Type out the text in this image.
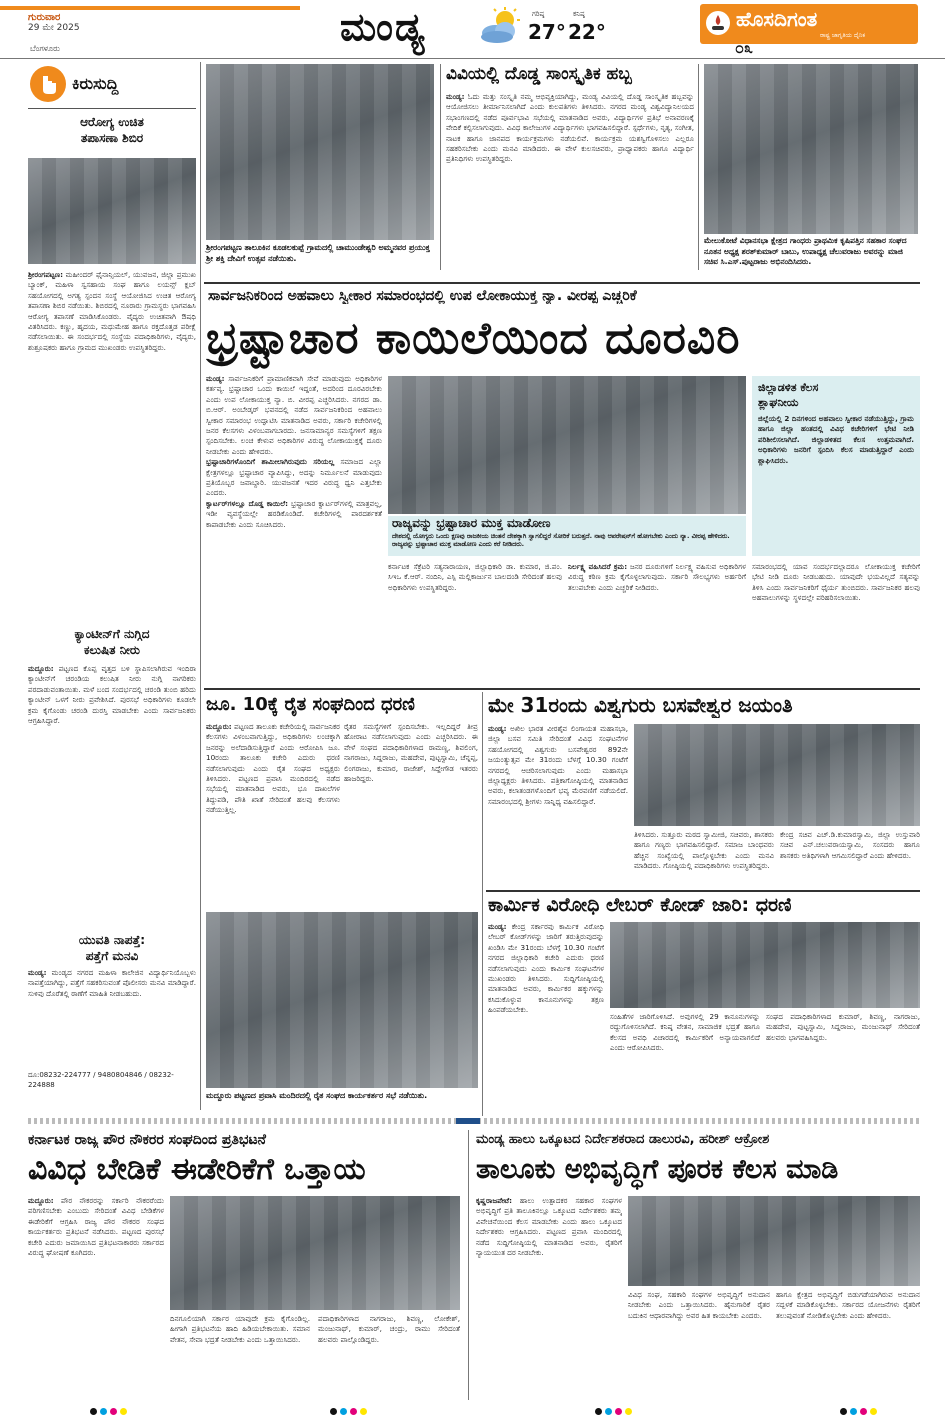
ಗುರುವಾರ
29 ಮೇ 2025
ಬೆಂಗಳೂರು	ಮಂಡ್ಯ	ಗರಿಷ್ಠ
27°
ಕನಿಷ್ಠ
22°
ಹೊಸದಿಗಂತ
ರಾಷ್ಟ್ರ ಜಾಗೃತಿಯ ದೈನಿಕ
೦೩
ಕಿರುಸುದ್ದಿ
ಆರೋಗ್ಯ ಉಚಿತ
ತಪಾಸಣಾ ಶಿಬಿರ
ಶ್ರೀರಂಗಪಟ್ಟಣ: ಮಹೀಂದರ್ ಫೈನಾನ್ಸಿಯಲ್, ಯುವಜನ, ಜಿಲ್ಲಾ ಪ್ರಮುಖ ಬ್ಯಾಂಕ್, ಮಹಿಳಾ ಸ್ವಸಹಾಯ ಸಂಘ ಹಾಗೂ ಲಯನ್ಸ್ ಕ್ಲಬ್ ಸಹಯೋಗದಲ್ಲಿ ಅಗತ್ಯ ಸ್ಪಂದನ ಸಂಸ್ಥೆ ಆಯೋಜಿಸಿದ ಉಚಿತ ಆರೋಗ್ಯ ತಪಾಸಣಾ ಶಿಬಿರ ನಡೆಯಿತು. ಶಿಬಿರದಲ್ಲಿ ನೂರಾರು ಗ್ರಾಮಸ್ಥರು ಭಾಗವಹಿಸಿ ಆರೋಗ್ಯ ತಪಾಸಣೆ ಮಾಡಿಸಿಕೊಂಡರು. ವೈದ್ಯರು ಉಚಿತವಾಗಿ ಔಷಧಿ ವಿತರಿಸಿದರು. ಕಣ್ಣು, ಹೃದಯ, ಮಧುಮೇಹ ಹಾಗೂ ರಕ್ತದೊತ್ತಡ ಪರೀಕ್ಷೆ ನಡೆಸಲಾಯಿತು. ಈ ಸಂದರ್ಭದಲ್ಲಿ ಸಂಸ್ಥೆಯ ಪದಾಧಿಕಾರಿಗಳು, ವೈದ್ಯರು, ಶುಶ್ರೂಷಕರು ಹಾಗೂ ಗ್ರಾಮದ ಮುಖಂಡರು ಉಪಸ್ಥಿತರಿದ್ದರು.
ಕ್ಯಾಂಟೀನ್‌ಗೆ ನುಗ್ಗಿದ
ಕಲುಷಿತ ನೀರು
ಮದ್ದೂರು: ಪಟ್ಟಣದ ಕೊಪ್ಪ ವೃತ್ತದ ಬಳಿ ಸ್ಥಾಪಿಸಲಾಗಿರುವ ಇಂದಿರಾ ಕ್ಯಾಂಟೀನ್‌ಗೆ ಚರಂಡಿಯ ಕಲುಷಿತ ನೀರು ನುಗ್ಗಿ ನಾಗರಿಕರು ಪರದಾಡುವಂತಾಯಿತು. ಮಳೆ ಬಂದ ಸಂದರ್ಭದಲ್ಲಿ ಚರಂಡಿ ತುಂಬಿ ಹರಿದು ಕ್ಯಾಂಟೀನ್ ಒಳಗೆ ನೀರು ಪ್ರವೇಶಿಸಿದೆ. ಪುರಸಭೆ ಅಧಿಕಾರಿಗಳು ಕೂಡಲೇ ಕ್ರಮ ಕೈಗೊಂಡು ಚರಂಡಿ ದುರಸ್ತಿ ಮಾಡಬೇಕು ಎಂದು ಸಾರ್ವಜನಿಕರು ಆಗ್ರಹಿಸಿದ್ದಾರೆ.
ಯುವತಿ ನಾಪತ್ತೆ:
ಪತ್ತೆಗೆ ಮನವಿ
ಮಂಡ್ಯ: ಮಂಡ್ಯದ ನಗರದ ಮಹಿಳಾ ಕಾಲೇಜಿನ ವಿದ್ಯಾರ್ಥಿನಿಯೊಬ್ಬಳು ನಾಪತ್ತೆಯಾಗಿದ್ದು, ಪತ್ತೆಗೆ ಸಹಕರಿಸುವಂತೆ ಪೊಲೀಸರು ಮನವಿ ಮಾಡಿದ್ದಾರೆ. ಸುಳಿವು ದೊರೆತಲ್ಲಿ ಠಾಣೆಗೆ ಮಾಹಿತಿ ನೀಡಬಹುದು.
ದೂ:08232-224777 / 9480804846 / 08232-224888
ಶ್ರೀರಂಗಪಟ್ಟಣ ತಾಲೂಕಿನ ಕೂಡಲಕುಪ್ಪೆ ಗ್ರಾಮದಲ್ಲಿ ಚಾಮುಂಡೇಶ್ವರಿ ಅಮ್ಮನವರ ಪ್ರಯುಕ್ತ ಶ್ರೀ ಶಕ್ತಿ ದೇವಿಗೆ ಉತ್ಸವ ನಡೆಯಿತು.
ವಿವಿಯಲ್ಲಿ ದೊಡ್ಡ ಸಾಂಸ್ಕೃತಿಕ ಹಬ್ಬ
ಮಂಡ್ಯ: ಓದು ಮತ್ತು ಸಂಸ್ಕೃತಿ ನಮ್ಮ ಆಭಿವ್ಯಕ್ತಿಯಾಗಿದ್ದು, ಮಂಡ್ಯ ವಿವಿಯಲ್ಲಿ ದೊಡ್ಡ ಸಾಂಸ್ಕೃತಿಕ ಹಬ್ಬವನ್ನು ಆಯೋಜಿಸಲು ತೀರ್ಮಾನಿಸಲಾಗಿದೆ ಎಂದು ಕುಲಪತಿಗಳು ತಿಳಿಸಿದರು. ನಗರದ ಮಂಡ್ಯ ವಿಶ್ವವಿದ್ಯಾನಿಲಯದ ಸಭಾಂಗಣದಲ್ಲಿ ನಡೆದ ಪೂರ್ವಭಾವಿ ಸಭೆಯಲ್ಲಿ ಮಾತನಾಡಿದ ಅವರು, ವಿದ್ಯಾರ್ಥಿಗಳ ಪ್ರತಿಭೆ ಅನಾವರಣಕ್ಕೆ ವೇದಿಕೆ ಕಲ್ಪಿಸಲಾಗುವುದು. ವಿವಿಧ ಕಾಲೇಜುಗಳ ವಿದ್ಯಾರ್ಥಿಗಳು ಭಾಗವಹಿಸಲಿದ್ದಾರೆ. ಸ್ಪರ್ಧೆಗಳು, ನೃತ್ಯ, ಸಂಗೀತ, ನಾಟಕ ಹಾಗೂ ಜಾನಪದ ಕಾರ್ಯಕ್ರಮಗಳು ನಡೆಯಲಿವೆ. ಕಾರ್ಯಕ್ರಮ ಯಶಸ್ವಿಗೊಳಿಸಲು ಎಲ್ಲರೂ ಸಹಕರಿಸಬೇಕು ಎಂದು ಮನವಿ ಮಾಡಿದರು. ಈ ವೇಳೆ ಕುಲಸಚಿವರು, ಪ್ರಾಧ್ಯಾಪಕರು ಹಾಗೂ ವಿದ್ಯಾರ್ಥಿ ಪ್ರತಿನಿಧಿಗಳು ಉಪಸ್ಥಿತರಿದ್ದರು.
ಮೇಲುಕೋಟೆ ವಿಧಾನಸಭಾ ಕ್ಷೇತ್ರದ ಗಾಂಧರು ಪ್ರಾಥಮಿಕ ಕೃಷಿಪತ್ತಿನ ಸಹಕಾರ ಸಂಘದ ನೂತನ ಅಧ್ಯಕ್ಷ ಶರತ್‌ಕುಮಾರ್ ಬಾಬು, ಉಪಾಧ್ಯಕ್ಷ ಚೆಲುವರಾಜು ಅವರನ್ನು ಮಾಜಿ ಸಚಿವ ಸಿ.ಎಸ್.ಪುಟ್ಟರಾಜು ಅಭಿನಂದಿಸಿದರು.
ಸಾರ್ವಜನಿಕರಿಂದ ಅಹವಾಲು ಸ್ವೀಕಾರ ಸಮಾರಂಭದಲ್ಲಿ ಉಪ ಲೋಕಾಯುಕ್ತ ನ್ಯಾ. ವೀರಪ್ಪ ಎಚ್ಚರಿಕೆ
ಭ್ರಷ್ಟಾಚಾರ ಕಾಯಿಲೆಯಿಂದ ದೂರವಿರಿ
ಮಂಡ್ಯ: ಸಾರ್ವಜನಿಕರಿಗೆ ಪ್ರಾಮಾಣಿಕವಾಗಿ ಸೇವೆ ಮಾಡುವುದು ಅಧಿಕಾರಿಗಳ ಕರ್ತವ್ಯ. ಭ್ರಷ್ಟಾಚಾರ ಒಂದು ಕಾಯಿಲೆ ಇದ್ದಂತೆ, ಅದರಿಂದ ದೂರವಿರಬೇಕು ಎಂದು ಉಪ ಲೋಕಾಯುಕ್ತ ನ್ಯಾ. ಬಿ. ವೀರಪ್ಪ ಎಚ್ಚರಿಸಿದರು. ನಗರದ ಡಾ. ಬಿ.ಆರ್. ಅಂಬೇಡ್ಕರ್ ಭವನದಲ್ಲಿ ನಡೆದ ಸಾರ್ವಜನಿಕರಿಂದ ಅಹವಾಲು ಸ್ವೀಕಾರ ಸಮಾರಂಭ ಉದ್ಘಾಟಿಸಿ ಮಾತನಾಡಿದ ಅವರು, ಸರ್ಕಾರಿ ಕಚೇರಿಗಳಲ್ಲಿ ಜನರ ಕೆಲಸಗಳು ವಿಳಂಬವಾಗಬಾರದು. ಜನಸಾಮಾನ್ಯರ ಸಮಸ್ಯೆಗಳಿಗೆ ತಕ್ಷಣ ಸ್ಪಂದಿಸಬೇಕು. ಲಂಚ ಕೇಳುವ ಅಧಿಕಾರಿಗಳ ವಿರುದ್ಧ ಲೋಕಾಯುಕ್ತಕ್ಕೆ ದೂರು ನೀಡಬೇಕು ಎಂದು ಹೇಳಿದರು.
ಭ್ರಷ್ಟಾಚಾರಿಗಳೊಂದಿಗೆ ಶಾಮೀಲಾಗಿರುವುದು ಸರಿಯಲ್ಲ ಸಮಾಜದ ಎಲ್ಲಾ ಕ್ಷೇತ್ರಗಳಲ್ಲೂ ಭ್ರಷ್ಟಾಚಾರ ವ್ಯಾಪಿಸಿದ್ದು, ಅದನ್ನು ನಿರ್ಮೂಲನೆ ಮಾಡುವುದು ಪ್ರತಿಯೊಬ್ಬರ ಜವಾಬ್ದಾರಿ. ಯುವಜನತೆ ಇದರ ವಿರುದ್ಧ ಧ್ವನಿ ಎತ್ತಬೇಕು ಎಂದರು.
ಕ್ವಾರ್ಟರ್‌ಗಳಲ್ಲೂ ದೊಡ್ಡ ಕಾಯಿಲೆ: ಭ್ರಷ್ಟಾಚಾರ ಕ್ವಾರ್ಟರ್‌ಗಳಲ್ಲಿ ಮಾತ್ರವಲ್ಲ, ಇಡೀ ವ್ಯವಸ್ಥೆಯಲ್ಲೇ ಹರಡಿಕೊಂಡಿದೆ. ಕಚೇರಿಗಳಲ್ಲಿ ಪಾರದರ್ಶಕತೆ ಕಾಪಾಡಬೇಕು ಎಂದು ಸೂಚಿಸಿದರು.	ರಾಜ್ಯವನ್ನು ಭ್ರಷ್ಟಾಚಾರ ಮುಕ್ತ ಮಾಡೋಣ
ದೇಶದಲ್ಲಿ ಯೋಗ್ಯರು ಒಂದು ಕ್ಷಣವು ರಾಜಕೀಯ ಚಿಂತನೆ ದೇಶಕ್ಕಾಗಿ ಸ್ವಾಗಲಿದ್ದರೆ ಸೋರಿಕೆ ಬರುತ್ತದೆ. ನಾವು ಆಪರೇಷನ್‌ಗೆ ಹೋಗಬೇಕು ಎಂದು ನ್ಯಾ. ವೀರಪ್ಪ ಹೇಳಿದರು. ರಾಜ್ಯವನ್ನು ಭ್ರಷ್ಟಾಚಾರ ಮುಕ್ತ ಮಾಡೋಣ ಎಂದು ಕರೆ ನೀಡಿದರು.
ಜಿಲ್ಲಾಡಳಿತ ಕೆಲಸ
ಶ್ಲಾಘನೀಯ
ಜಿಲ್ಲೆಯಲ್ಲಿ 2 ದಿನಗಳಿಂದ ಅಹವಾಲು ಸ್ವೀಕಾರ ನಡೆಯುತ್ತಿದ್ದು, ಗ್ರಾಮ ಹಾಗೂ ಜಿಲ್ಲಾ ಹಂತದಲ್ಲಿ ವಿವಿಧ ಕಚೇರಿಗಳಿಗೆ ಭೇಟಿ ನೀಡಿ ಪರಿಶೀಲಿಸಲಾಗಿದೆ. ಜಿಲ್ಲಾಡಳಿತದ ಕೆಲಸ ಉತ್ತಮವಾಗಿದೆ. ಅಧಿಕಾರಿಗಳು ಜನರಿಗೆ ಸ್ಪಂದಿಸಿ ಕೆಲಸ ಮಾಡುತ್ತಿದ್ದಾರೆ ಎಂದು ಶ್ಲಾಘಿಸಿದರು.
ಕರ್ನಾಟಕ ಸೆಕ್ರೆಟರಿ ಸತ್ಯನಾರಾಯಣ, ಜಿಲ್ಲಾಧಿಕಾರಿ ಡಾ. ಕುಮಾರ, ಜಿ.ಪಂ. ಸಿಇಒ ಕೆ.ಆರ್. ನಂದಿನಿ, ಎಸ್ಪಿ ಮಲ್ಲಿಕಾರ್ಜುನ ಬಾಲದಂಡಿ ಸೇರಿದಂತೆ ಹಲವು ಅಧಿಕಾರಿಗಳು ಉಪಸ್ಥಿತರಿದ್ದರು.
ನಿರ್ಲಕ್ಷ್ಯ ವಹಿಸಿದರೆ ಕ್ರಮ: ಜನರ ದೂರುಗಳಿಗೆ ನಿರ್ಲಕ್ಷ್ಯ ವಹಿಸುವ ಅಧಿಕಾರಿಗಳ ವಿರುದ್ಧ ಕಠಿಣ ಕ್ರಮ ಕೈಗೊಳ್ಳಲಾಗುವುದು. ಸರ್ಕಾರಿ ಸೌಲಭ್ಯಗಳು ಅರ್ಹರಿಗೆ ತಲುಪಬೇಕು ಎಂದು ಎಚ್ಚರಿಕೆ ನೀಡಿದರು.
ಸಮಾರಂಭದಲ್ಲಿ ಯಾವ ಸಂದರ್ಭದಲ್ಲಾದರೂ ಲೋಕಾಯುಕ್ತ ಕಚೇರಿಗೆ ಭೇಟಿ ನೀಡಿ ದೂರು ನೀಡಬಹುದು. ಯಾವುದೇ ಭಯವಿಲ್ಲದೆ ಸತ್ಯವನ್ನು ತಿಳಿಸಿ ಎಂದು ಸಾರ್ವಜನಿಕರಿಗೆ ಧೈರ್ಯ ತುಂಬಿದರು. ಸಾರ್ವಜನಿಕರ ಹಲವು ಅಹವಾಲುಗಳನ್ನು ಸ್ಥಳದಲ್ಲೇ ಪರಿಹರಿಸಲಾಯಿತು.
ಜೂ. 10ಕ್ಕೆ ರೈತ ಸಂಘದಿಂದ ಧರಣಿ
ಮದ್ದೂರು: ಪಟ್ಟಣದ ತಾಲೂಕು ಕಚೇರಿಯಲ್ಲಿ ಸಾರ್ವಜನಿಕರ ಕೆಲಸಗಳು ವಿಳಂಬವಾಗುತ್ತಿದ್ದು, ಅಧಿಕಾರಿಗಳು ಲಂಚಕ್ಕಾಗಿ ಜನರನ್ನು ಅಲೆದಾಡಿಸುತ್ತಿದ್ದಾರೆ ಎಂದು ಆರೋಪಿಸಿ ಜೂ. 10ರಂದು ತಾಲೂಕು ಕಚೇರಿ ಎದುರು ಧರಣಿ ನಡೆಸಲಾಗುವುದು ಎಂದು ರೈತ ಸಂಘದ ಅಧ್ಯಕ್ಷರು ತಿಳಿಸಿದರು. ಪಟ್ಟಣದ ಪ್ರವಾಸಿ ಮಂದಿರದಲ್ಲಿ ನಡೆದ ಸಭೆಯಲ್ಲಿ ಮಾತನಾಡಿದ ಅವರು, ಭೂ ದಾಖಲೆಗಳ ತಿದ್ದುಪಡಿ, ಪೌತಿ ಖಾತೆ ಸೇರಿದಂತೆ ಹಲವು ಕೆಲಸಗಳು ನಡೆಯುತ್ತಿಲ್ಲ.
ರೈತರ ಸಮಸ್ಯೆಗಳಿಗೆ ಸ್ಪಂದಿಸಬೇಕು. ಇಲ್ಲದಿದ್ದರೆ ತೀವ್ರ ಹೋರಾಟ ನಡೆಸಲಾಗುವುದು ಎಂದು ಎಚ್ಚರಿಸಿದರು. ಈ ವೇಳೆ ಸಂಘದ ಪದಾಧಿಕಾರಿಗಳಾದ ರಾಮಣ್ಣ, ಶಿವಲಿಂಗ, ನಾಗರಾಜು, ಸಿದ್ದರಾಜು, ಮಹದೇವ, ಪುಟ್ಟಸ್ವಾಮಿ, ಚೆನ್ನಪ್ಪ, ಲಿಂಗರಾಜು, ಕುಮಾರ, ರಾಜೇಶ್, ಸಿದ್ದೇಗೌಡ ಇತರರು ಹಾಜರಿದ್ದರು.
ಮದ್ದೂರು ಪಟ್ಟಣದ ಪ್ರವಾಸಿ ಮಂದಿರದಲ್ಲಿ ರೈತ ಸಂಘದ ಕಾರ್ಯಕರ್ತರ ಸಭೆ ನಡೆಯಿತು.
ಮೇ 31ರಂದು ವಿಶ್ವಗುರು ಬಸವೇಶ್ವರ ಜಯಂತಿ
ಮಂಡ್ಯ: ಅಖಿಲ ಭಾರತ ವೀರಶೈವ ಲಿಂಗಾಯತ ಮಹಾಸಭಾ, ಜಿಲ್ಲಾ ಬಸವ ಸಮಿತಿ ಸೇರಿದಂತೆ ವಿವಿಧ ಸಂಘಟನೆಗಳ ಸಹಯೋಗದಲ್ಲಿ ವಿಶ್ವಗುರು ಬಸವೇಶ್ವರರ 892ನೇ ಜಯಂತ್ಯುತ್ಸವ ಮೇ 31ರಂದು ಬೆಳಗ್ಗೆ 10.30 ಗಂಟೆಗೆ ನಗರದಲ್ಲಿ ಆಚರಿಸಲಾಗುವುದು ಎಂದು ಮಹಾಸಭಾ ಜಿಲ್ಲಾಧ್ಯಕ್ಷರು ತಿಳಿಸಿದರು. ಪತ್ರಿಕಾಗೋಷ್ಠಿಯಲ್ಲಿ ಮಾತನಾಡಿದ ಅವರು, ಕಲಾತಂಡಗಳೊಂದಿಗೆ ಭವ್ಯ ಮೆರವಣಿಗೆ ನಡೆಯಲಿದೆ. ಸಮಾರಂಭದಲ್ಲಿ ಶ್ರೀಗಳು ಸಾನ್ನಿಧ್ಯ ವಹಿಸಲಿದ್ದಾರೆ.
ತಿಳಿಸಿದರು. ಸುತ್ತೂರು ಮಠದ ಸ್ವಾಮೀಜಿ, ಸಚಿವರು, ಶಾಸಕರು ಹಾಗೂ ಗಣ್ಯರು ಭಾಗವಹಿಸಲಿದ್ದಾರೆ. ಸಮಾಜ ಬಾಂಧವರು ಹೆಚ್ಚಿನ ಸಂಖ್ಯೆಯಲ್ಲಿ ಪಾಲ್ಗೊಳ್ಳಬೇಕು ಎಂದು ಮನವಿ ಮಾಡಿದರು. ಗೋಷ್ಠಿಯಲ್ಲಿ ಪದಾಧಿಕಾರಿಗಳು ಉಪಸ್ಥಿತರಿದ್ದರು.
ಕೇಂದ್ರ ಸಚಿವ ಎಚ್.ಡಿ.ಕುಮಾರಸ್ವಾಮಿ, ಜಿಲ್ಲಾ ಉಸ್ತುವಾರಿ ಸಚಿವ ಎನ್.ಚಲುವರಾಯಸ್ವಾಮಿ, ಸಂಸದರು ಹಾಗೂ ಶಾಸಕರು ಅತಿಥಿಗಳಾಗಿ ಆಗಮಿಸಲಿದ್ದಾರೆ ಎಂದು ಹೇಳಿದರು.
ಕಾರ್ಮಿಕ ವಿರೋಧಿ ಲೇಬರ್ ಕೋಡ್ ಜಾರಿ: ಧರಣಿ
ಮಂಡ್ಯ: ಕೇಂದ್ರ ಸರ್ಕಾರವು ಕಾರ್ಮಿಕ ವಿರೋಧಿ ಲೇಬರ್ ಕೋಡ್‌ಗಳನ್ನು ಜಾರಿಗೆ ತರುತ್ತಿರುವುದನ್ನು ಖಂಡಿಸಿ ಮೇ 31ರಂದು ಬೆಳಗ್ಗೆ 10.30 ಗಂಟೆಗೆ ನಗರದ ಜಿಲ್ಲಾಧಿಕಾರಿ ಕಚೇರಿ ಎದುರು ಧರಣಿ ನಡೆಸಲಾಗುವುದು ಎಂದು ಕಾರ್ಮಿಕ ಸಂಘಟನೆಗಳ ಮುಖಂಡರು ತಿಳಿಸಿದರು. ಸುದ್ದಿಗೋಷ್ಠಿಯಲ್ಲಿ ಮಾತನಾಡಿದ ಅವರು, ಕಾರ್ಮಿಕರ ಹಕ್ಕುಗಳನ್ನು ಕಸಿದುಕೊಳ್ಳುವ ಕಾನೂನುಗಳನ್ನು ತಕ್ಷಣ ಹಿಂಪಡೆಯಬೇಕು.
ಸಂಹಿತೆಗಳ ಜಾರಿಗೊಳಿಸಿದೆ. ಅವುಗಳಲ್ಲಿ 29 ಕಾನೂನುಗಳನ್ನು ರದ್ದುಗೊಳಿಸಲಾಗಿದೆ. ಕನಿಷ್ಠ ವೇತನ, ಸಾಮಾಜಿಕ ಭದ್ರತೆ ಹಾಗೂ ಕೆಲಸದ ಅವಧಿ ವಿಚಾರದಲ್ಲಿ ಕಾರ್ಮಿಕರಿಗೆ ಅನ್ಯಾಯವಾಗಲಿದೆ ಎಂದು ಆರೋಪಿಸಿದರು.
ಸಂಘದ ಪದಾಧಿಕಾರಿಗಳಾದ ಕುಮಾರ್, ಶಿವಣ್ಣ, ನಾಗರಾಜು, ಮಹದೇವ, ಪುಟ್ಟಸ್ವಾಮಿ, ಸಿದ್ದರಾಜು, ಮಂಜುನಾಥ್ ಸೇರಿದಂತೆ ಹಲವರು ಭಾಗವಹಿಸಿದ್ದರು.
ಕರ್ನಾಟಕ ರಾಜ್ಯ ಪೌರ ನೌಕರರ ಸಂಘದಿಂದ ಪ್ರತಿಭಟನೆ
ವಿವಿಧ ಬೇಡಿಕೆ ಈಡೇರಿಕೆಗೆ ಒತ್ತಾಯ
ಮದ್ದೂರು: ಪೌರ ನೌಕರರನ್ನು ಸರ್ಕಾರಿ ನೌಕರರೆಂದು ಪರಿಗಣಿಸಬೇಕು ಎಂಬುದು ಸೇರಿದಂತೆ ವಿವಿಧ ಬೇಡಿಕೆಗಳ ಈಡೇರಿಕೆಗೆ ಆಗ್ರಹಿಸಿ ರಾಜ್ಯ ಪೌರ ನೌಕರರ ಸಂಘದ ಕಾರ್ಯಕರ್ತರು ಪ್ರತಿಭಟನೆ ನಡೆಸಿದರು. ಪಟ್ಟಣದ ಪುರಸಭೆ ಕಚೇರಿ ಎದುರು ಜಮಾಯಿಸಿದ ಪ್ರತಿಭಟನಾಕಾರರು ಸರ್ಕಾರದ ವಿರುದ್ಧ ಘೋಷಣೆ ಕೂಗಿದರು.
ದಿನಗೂಲಿಯಾಗಿ ಸರ್ಕಾರ ಯಾವುದೇ ಕ್ರಮ ಕೈಗೊಂಡಿಲ್ಲ. ಹೀಗಾಗಿ ಪ್ರತಿಭಟನೆಯ ಹಾದಿ ಹಿಡಿಯಬೇಕಾಯಿತು. ಸಮಾನ ವೇತನ, ಸೇವಾ ಭದ್ರತೆ ನೀಡಬೇಕು ಎಂದು ಒತ್ತಾಯಿಸಿದರು.
ಪದಾಧಿಕಾರಿಗಳಾದ ನಾಗರಾಜು, ಶಿವಣ್ಣ, ಲೋಕೇಶ್, ಮಂಜುನಾಥ್, ಕುಮಾರ್, ಚಂದ್ರು, ರಾಮು ಸೇರಿದಂತೆ ಹಲವರು ಪಾಲ್ಗೊಂಡಿದ್ದರು.
ಮಂಡ್ಯ ಹಾಲು ಒಕ್ಕೂಟದ ನಿರ್ದೇಶಕರಾದ ಡಾಲುರವಿ, ಹರೀಶ್ ಆಕ್ರೋಶ
ತಾಲೂಕು ಅಭಿವೃದ್ಧಿಗೆ ಪೂರಕ ಕೆಲಸ ಮಾಡಿ
ಕೃಷ್ಣರಾಜಪೇಟೆ: ಹಾಲು ಉತ್ಪಾದಕರ ಸಹಕಾರ ಸಂಘಗಳ ಅಭಿವೃದ್ಧಿಗೆ ಪ್ರತಿ ತಾಲೂಕಿನಲ್ಲೂ ಒಕ್ಕೂಟದ ನಿರ್ದೇಶಕರು ತಮ್ಮ ವಿವೇಚನೆಯಿಂದ ಕೆಲಸ ಮಾಡಬೇಕು ಎಂದು ಹಾಲು ಒಕ್ಕೂಟದ ನಿರ್ದೇಶಕರು ಆಗ್ರಹಿಸಿದರು. ಪಟ್ಟಣದ ಪ್ರವಾಸಿ ಮಂದಿರದಲ್ಲಿ ನಡೆದ ಸುದ್ದಿಗೋಷ್ಠಿಯಲ್ಲಿ ಮಾತನಾಡಿದ ಅವರು, ರೈತರಿಗೆ ನ್ಯಾಯಯುತ ದರ ನೀಡಬೇಕು.
ವಿವಿಧ ಸಂಘ, ಸಹಕಾರಿ ಸಂಘಗಳ ಅಭಿವೃದ್ಧಿಗೆ ಅನುದಾನ ನೀಡಬೇಕು ಎಂದು ಒತ್ತಾಯಿಸಿದರು. ಹೈನುಗಾರಿಕೆ ರೈತರ ಬದುಕಿನ ಆಧಾರವಾಗಿದ್ದು ಅವರ ಹಿತ ಕಾಯಬೇಕು ಎಂದರು.
ಹಾಗೂ ಕ್ಷೇತ್ರದ ಅಭಿವೃದ್ಧಿಗೆ ಬಿಡುಗಡೆಯಾಗಿರುವ ಅನುದಾನ ಸದ್ಬಳಕೆ ಮಾಡಿಕೊಳ್ಳಬೇಕು. ಸರ್ಕಾರದ ಯೋಜನೆಗಳು ರೈತರಿಗೆ ತಲುಪುವಂತೆ ನೋಡಿಕೊಳ್ಳಬೇಕು ಎಂದು ಹೇಳಿದರು.
